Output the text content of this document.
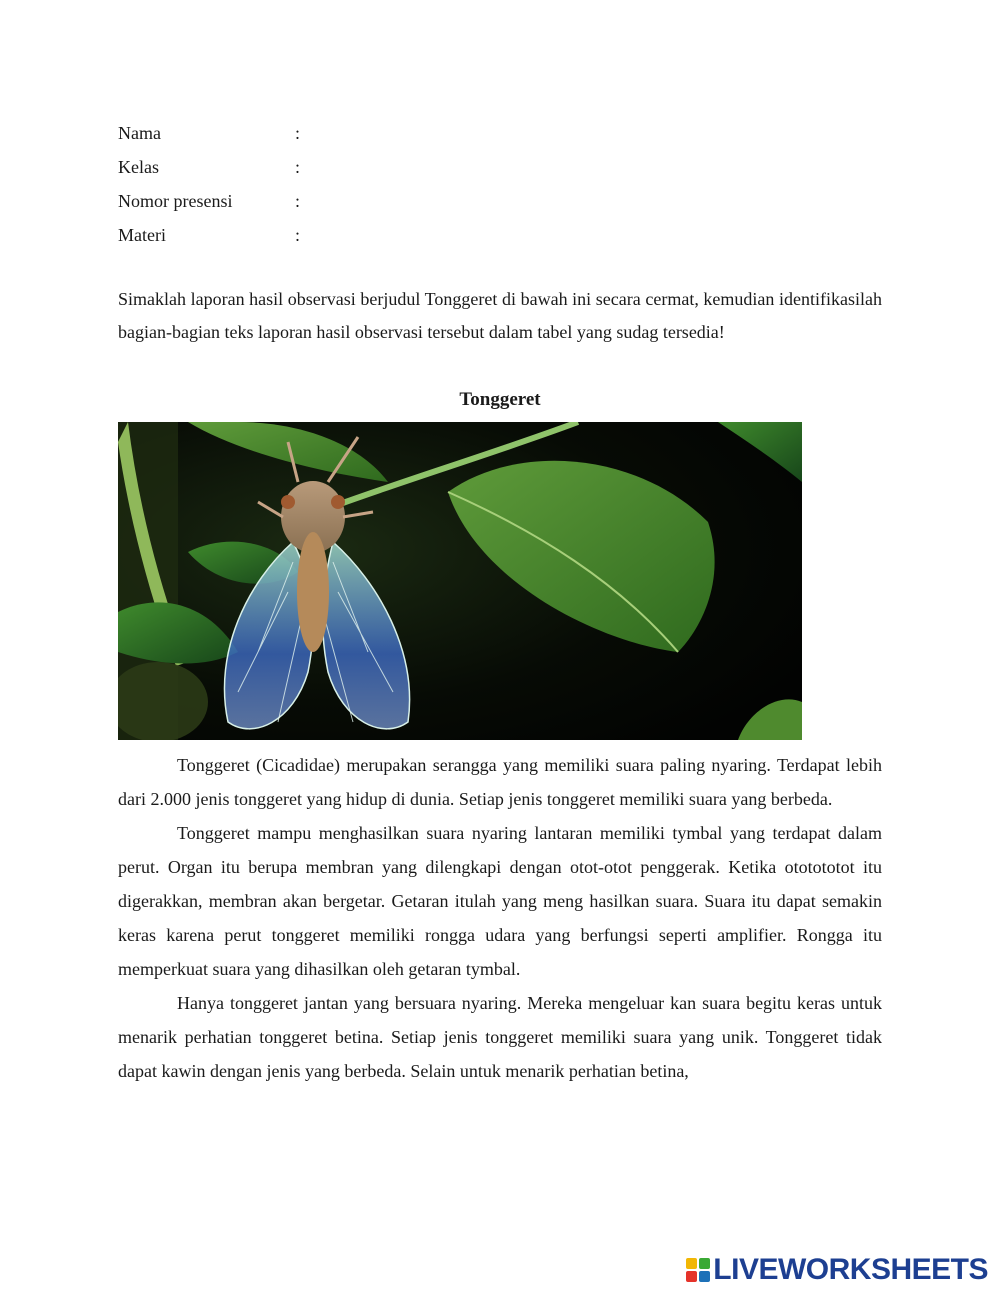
Nama	:
Kelas	:
Nomor presensi	:
Materi	:
Simaklah laporan hasil observasi berjudul Tonggeret di bawah ini secara cermat, kemudian identifikasilah bagian-bagian teks laporan hasil observasi tersebut dalam tabel yang sudag tersedia!
Tonggeret

Tonggeret (Cicadidae) merupakan serangga yang memiliki suara paling nyaring. Terdapat lebih dari 2.000 jenis tonggeret yang hidup di dunia. Setiap jenis tonggeret memiliki suara yang berbeda.

Tonggeret mampu menghasilkan suara nyaring lantaran memiliki tymbal yang terdapat dalam perut. Organ itu berupa membran yang dilengkapi dengan otot-otot penggerak. Ketika ototototot itu digerakkan, membran akan bergetar. Getaran itulah yang meng hasilkan suara. Suara itu dapat semakin keras karena perut tonggeret memiliki rongga udara yang berfungsi seperti amplifier. Rongga itu memperkuat suara yang dihasilkan oleh getaran tymbal.

Hanya tonggeret jantan yang bersuara nyaring. Mereka mengeluar kan suara begitu keras untuk menarik perhatian tonggeret betina. Setiap jenis tonggeret memiliki suara yang unik. Tonggeret tidak dapat kawin dengan jenis yang berbeda. Selain untuk menarik perhatian betina,

LIVEWORKSHEETS
